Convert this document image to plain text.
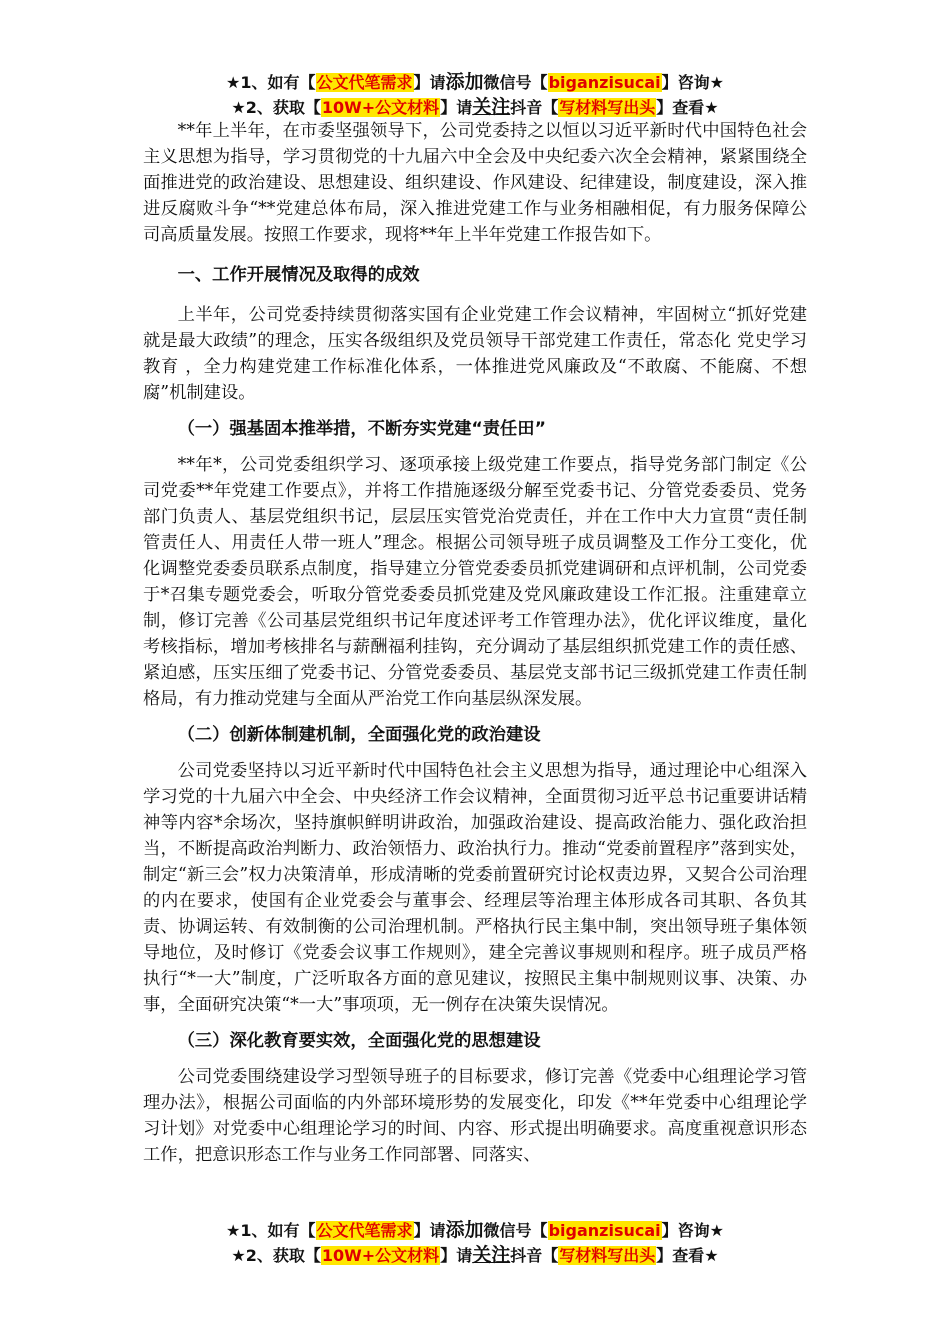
★1、如有【公文代笔需求】请添加微信号【biganzisucai】咨询★
★2、获取【10W+公文材料】请关注抖音【写材料写出头】查看★

**年上半年，在市委坚强领导下，公司党委持之以恒以习近平新时代中国特色社会主义思想为指导，学习贯彻党的十九届六中全会及中央纪委六次全会精神，紧紧围绕全面推进党的政治建设、思想建设、组织建设、作风建设、纪律建设，制度建设，深入推进反腐败斗争“**党建总体布局，深入推进党建工作与业务相融相促，有力服务保障公司高质量发展。按照工作要求，现将**年上半年党建工作报告如下。

一、工作开展情况及取得的成效

上半年，公司党委持续贯彻落实国有企业党建工作会议精神，牢固树立“抓好党建就是最大政绩”的理念，压实各级组织及党员领导干部党建工作责任，常态化 党史学习教育 ，全力构建党建工作标准化体系，一体推进党风廉政及“不敢腐、不能腐、不想腐”机制建设。

（一）强基固本推举措，不断夯实党建“责任田”

**年*，公司党委组织学习、逐项承接上级党建工作要点，指导党务部门制定《公司党委**年党建工作要点》，并将工作措施逐级分解至党委书记、分管党委委员、党务部门负责人、基层党组织书记，层层压实管党治党责任，并在工作中大力宣贯“责任制管责任人、用责任人带一班人”理念。根据公司领导班子成员调整及工作分工变化，优化调整党委委员联系点制度，指导建立分管党委委员抓党建调研和点评机制，公司党委于*召集专题党委会，听取分管党委委员抓党建及党风廉政建设工作汇报。注重建章立制，修订完善《公司基层党组织书记年度述评考工作管理办法》，优化评议维度，量化考核指标，增加考核排名与薪酬福利挂钩，充分调动了基层组织抓党建工作的责任感、紧迫感，压实压细了党委书记、分管党委委员、基层党支部书记三级抓党建工作责任制格局，有力推动党建与全面从严治党工作向基层纵深发展。

（二）创新体制建机制，全面强化党的政治建设

公司党委坚持以习近平新时代中国特色社会主义思想为指导，通过理论中心组深入学习党的十九届六中全会、中央经济工作会议精神，全面贯彻习近平总书记重要讲话精神等内容*余场次，坚持旗帜鲜明讲政治，加强政治建设、提高政治能力、强化政治担当，不断提高政治判断力、政治领悟力、政治执行力。推动“党委前置程序”落到实处，制定“新三会”权力决策清单，形成清晰的党委前置研究讨论权责边界，又契合公司治理的内在要求，使国有企业党委会与董事会、经理层等治理主体形成各司其职、各负其责、协调运转、有效制衡的公司治理机制。严格执行民主集中制，突出领导班子集体领导地位，及时修订《党委会议事工作规则》，建全完善议事规则和程序。班子成员严格执行“*一大”制度，广泛听取各方面的意见建议，按照民主集中制规则议事、决策、办事，全面研究决策“*一大”事项项，无一例存在决策失误情况。

（三）深化教育要实效，全面强化党的思想建设

公司党委围绕建设学习型领导班子的目标要求，修订完善《党委中心组理论学习管理办法》，根据公司面临的内外部环境形势的发展变化，印发《**年党委中心组理论学习计划》对党委中心组理论学习的时间、内容、形式提出明确要求。高度重视意识形态工作，把意识形态工作与业务工作同部署、同落实、

★1、如有【公文代笔需求】请添加微信号【biganzisucai】咨询★
★2、获取【10W+公文材料】请关注抖音【写材料写出头】查看★
